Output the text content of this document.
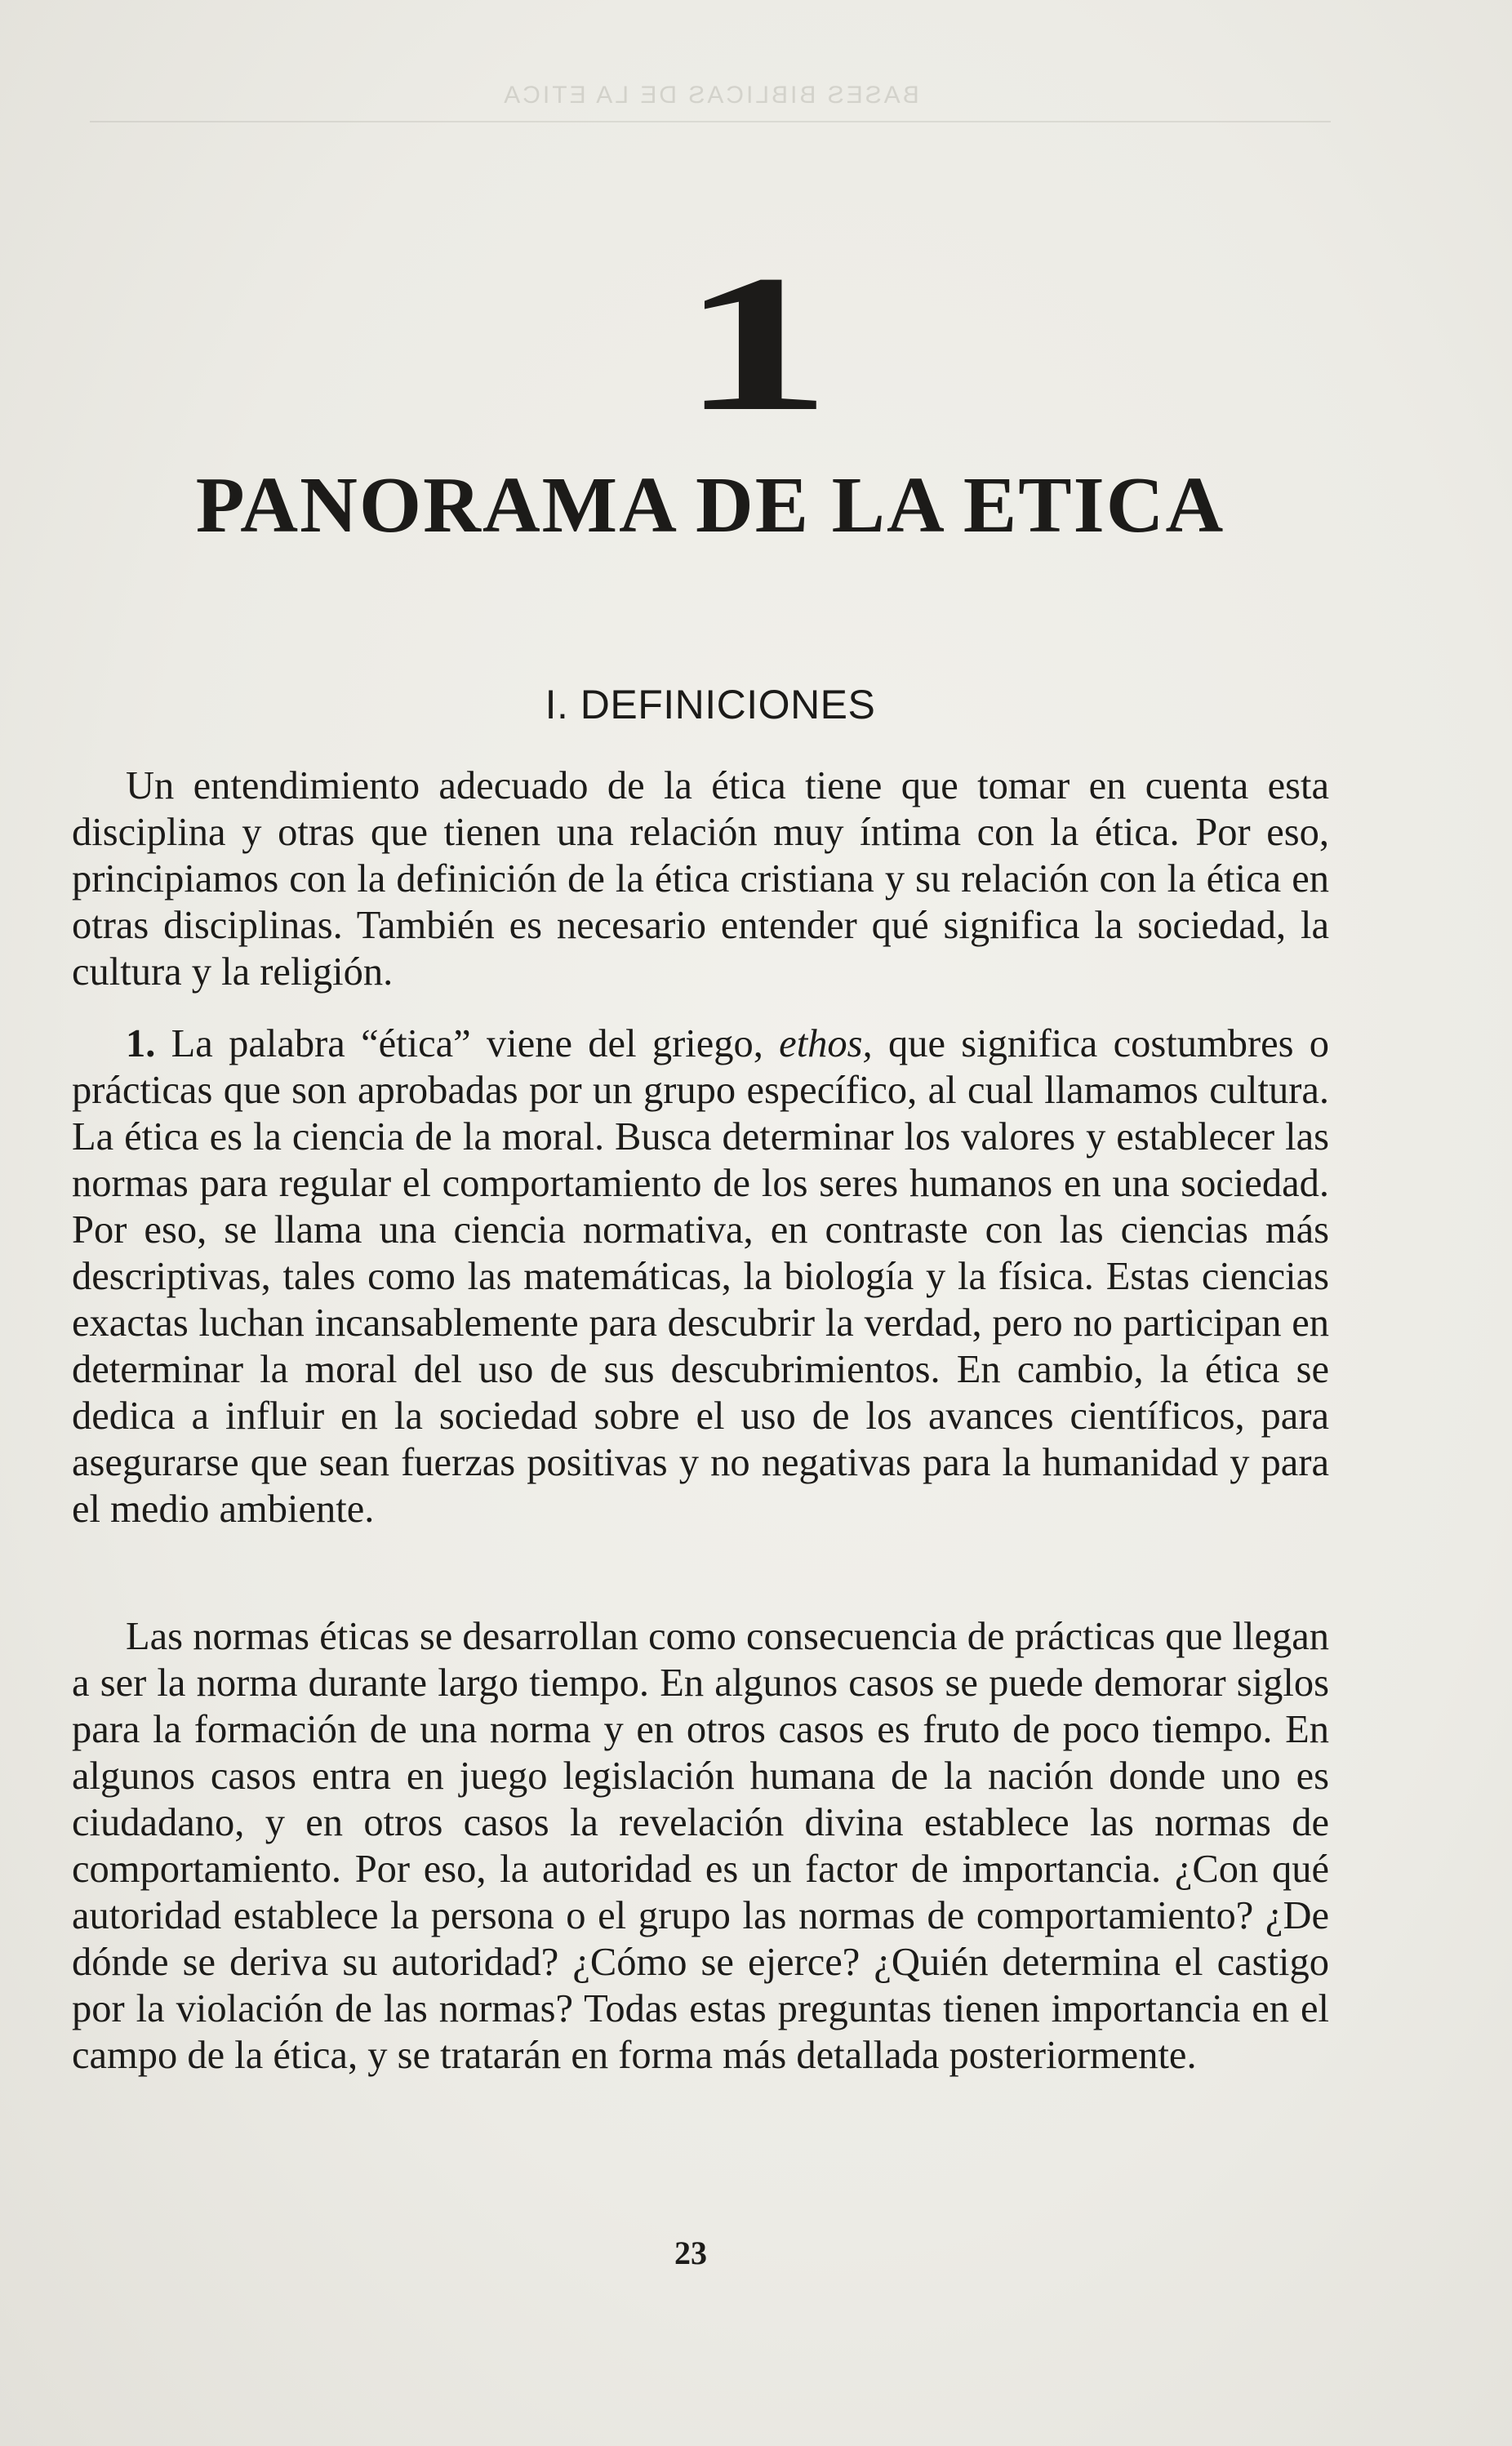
BASES BIBLICAS DE LA ETICA
1
PANORAMA DE LA ETICA
I. DEFINICIONES

Un entendimiento adecuado de la ética tiene que tomar en cuenta esta disciplina y otras que tienen una relación muy íntima con la ética. Por eso, principiamos con la definición de la ética cristiana y su relación con la ética en otras disciplinas. También es necesario entender qué significa la sociedad, la cultura y la religión.

1. La palabra “ética” viene del griego, ethos, que significa costumbres o prácticas que son aprobadas por un grupo específico, al cual llamamos cultura. La ética es la ciencia de la moral. Busca determinar los valores y establecer las normas para regular el comportamiento de los seres humanos en una sociedad. Por eso, se llama una ciencia normativa, en contraste con las ciencias más descriptivas, tales como las matemáticas, la biología y la física. Estas ciencias exactas luchan incansablemente para descubrir la verdad, pero no participan en determinar la moral del uso de sus descubrimientos. En cambio, la ética se dedica a influir en la sociedad sobre el uso de los avances científicos, para asegurarse que sean fuerzas positivas y no negativas para la humanidad y para el medio ambiente.

Las normas éticas se desarrollan como consecuencia de prácticas que llegan a ser la norma durante largo tiempo. En algunos casos se puede demorar siglos para la formación de una norma y en otros casos es fruto de poco tiempo. En algunos casos entra en juego legislación humana de la nación donde uno es ciudadano, y en otros casos la revelación divina establece las normas de comportamiento. Por eso, la autoridad es un factor de importancia. ¿Con qué autoridad establece la persona o el grupo las normas de comportamiento? ¿De dónde se deriva su autoridad? ¿Cómo se ejerce? ¿Quién determina el castigo por la violación de las normas? Todas estas preguntas tienen importancia en el campo de la ética, y se tratarán en forma más detallada posteriormente.

23
